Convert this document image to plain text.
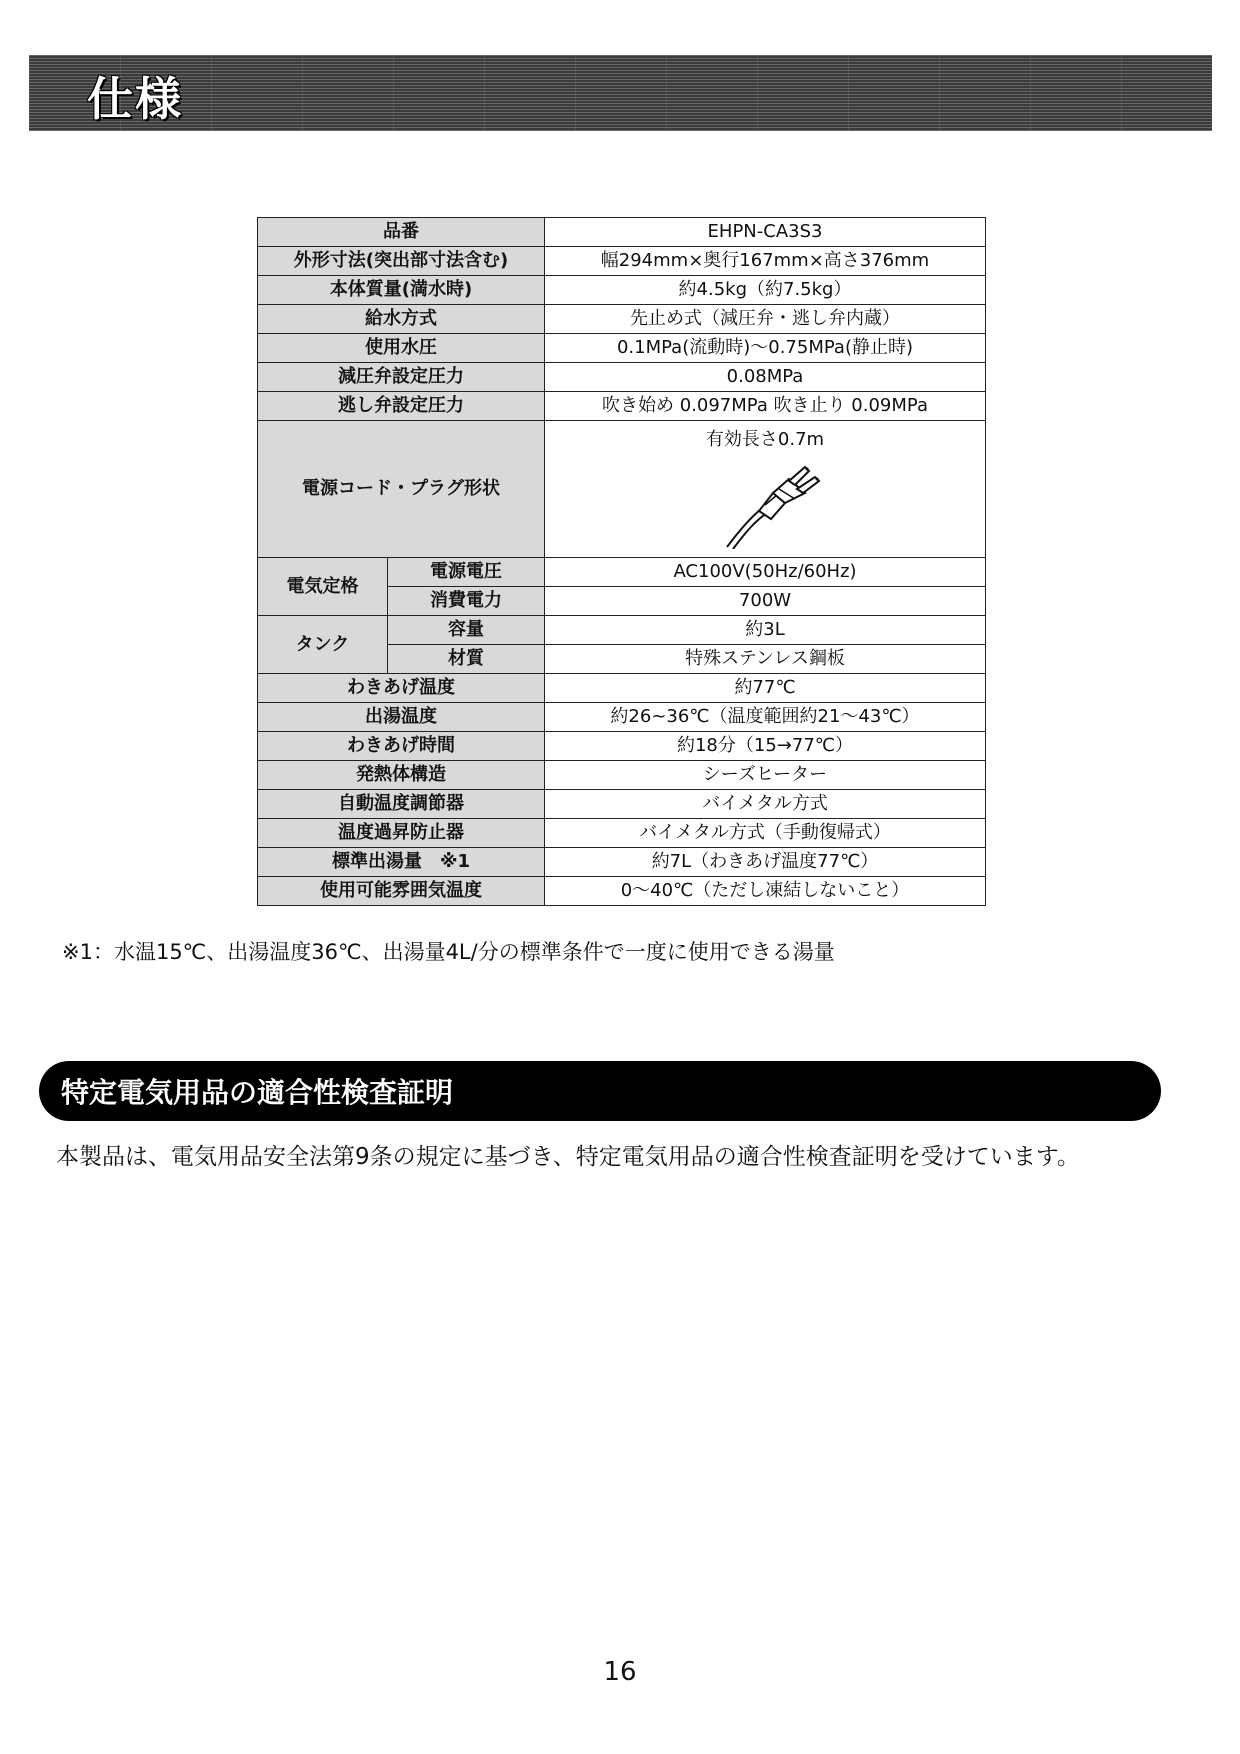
仕様
品番		EHPN-CA3S3
外形寸法(突出部寸法含む)		幅294mm×奥行167mm×高さ376mm
本体質量(満水時)		約4.5kg（約7.5kg）
給水方式		先止め式（減圧弁・逃し弁内蔵）
使用水圧		0.1MPa(流動時)〜0.75MPa(静止時)
減圧弁設定圧力		0.08MPa
逃し弁設定圧力		吹き始め 0.097MPa 吹き止り 0.09MPa
電源コード・プラグ形状		有効長さ0.7m

電気定格	電源電圧	AC100V(50Hz/60Hz)
	消費電力	700W
タンク	容量	約3L
	材質	特殊ステンレス鋼板
わきあげ温度		約77℃
出湯温度		約26~36℃（温度範囲約21〜43℃）
わきあげ時間		約18分（15→77℃）
発熱体構造		シーズヒーター
自動温度調節器		バイメタル方式
温度過昇防止器		バイメタル方式（手動復帰式）
標準出湯量　※1		約7L（わきあげ温度77℃）
使用可能雰囲気温度		0〜40℃（ただし凍結しないこと）
※1：水温15℃、出湯温度36℃、出湯量4L/分の標準条件で一度に使用できる湯量
特定電気用品の適合性検査証明
本製品は、電気用品安全法第9条の規定に基づき、特定電気用品の適合性検査証明を受けています。
16
